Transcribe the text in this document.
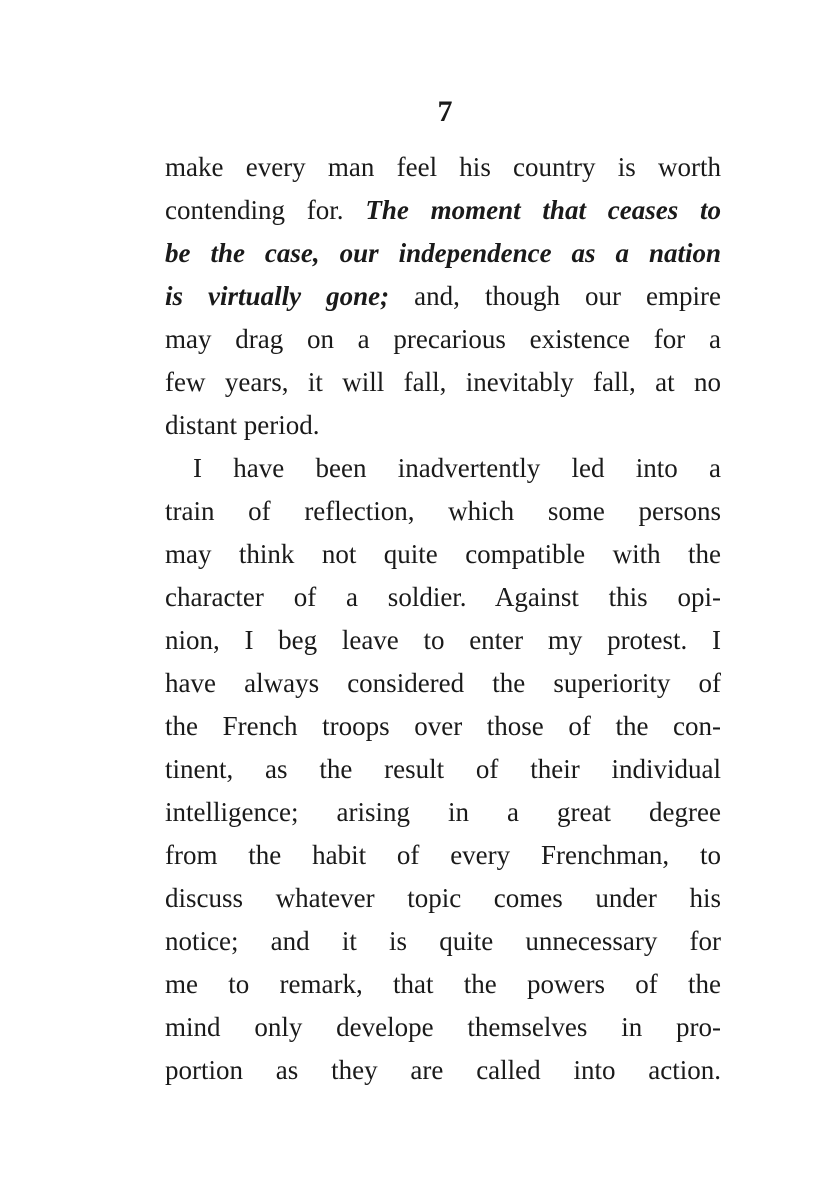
7
make every man feel his country is worth
contending for. The moment that ceases to
be the case, our independence as a nation
is virtually gone; and, though our empire
may drag on a precarious existence for a
few years, it will fall, inevitably fall, at no
distant period.
I have been inadvertently led into a
train of reflection, which some persons
may think not quite compatible with the
character of a soldier. Against this opi-
nion, I beg leave to enter my protest. I
have always considered the superiority of
the French troops over those of the con-
tinent, as the result of their individual
intelligence; arising in a great degree
from the habit of every Frenchman, to
discuss whatever topic comes under his
notice; and it is quite unnecessary for
me to remark, that the powers of the
mind only develope themselves in pro-
portion as they are called into action.
